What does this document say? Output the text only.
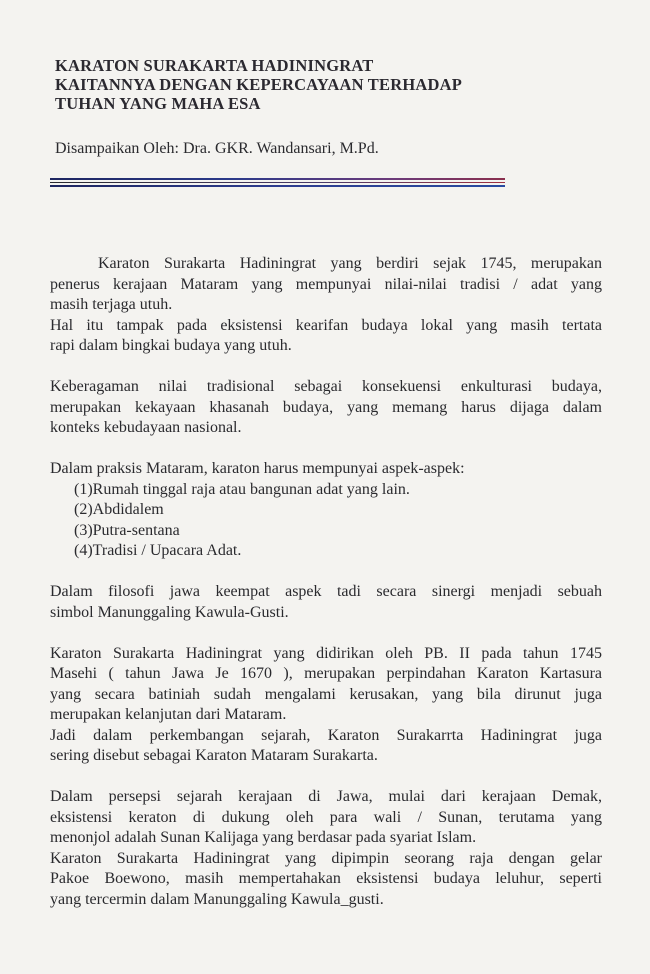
KARATON SURAKARTA HADININGRAT
KAITANNYA DENGAN KEPERCAYAAN TERHADAP
TUHAN YANG MAHA ESA
Disampaikan Oleh: Dra. GKR. Wandansari, M.Pd.

Karaton Surakarta Hadiningrat yang berdiri sejak 1745, merupakan
penerus kerajaan Mataram yang mempunyai nilai-nilai tradisi / adat yang
masih terjaga utuh.
Hal itu tampak pada eksistensi kearifan budaya lokal yang masih tertata
rapi dalam bingkai budaya yang utuh.

Keberagaman nilai tradisional sebagai konsekuensi enkulturasi budaya,
merupakan kekayaan khasanah budaya, yang memang harus dijaga dalam
konteks kebudayaan nasional.

Dalam praksis Mataram, karaton harus mempunyai aspek-aspek:

(1)Rumah tinggal raja atau bangunan adat yang lain.
(2)Abdidalem
(3)Putra-sentana
(4)Tradisi / Upacara Adat.

Dalam filosofi jawa keempat aspek tadi secara sinergi menjadi sebuah
simbol Manunggaling Kawula-Gusti.

Karaton Surakarta Hadiningrat yang didirikan oleh PB. II pada tahun 1745
Masehi ( tahun Jawa Je 1670 ), merupakan perpindahan Karaton Kartasura
yang secara batiniah sudah mengalami kerusakan, yang bila dirunut juga
merupakan kelanjutan dari Mataram.
Jadi dalam perkembangan sejarah, Karaton Surakarrta Hadiningrat juga
sering disebut sebagai Karaton Mataram Surakarta.

Dalam persepsi sejarah kerajaan di Jawa, mulai dari kerajaan Demak,
eksistensi keraton di dukung oleh para wali / Sunan, terutama yang
menonjol adalah Sunan Kalijaga yang berdasar pada syariat Islam.
Karaton Surakarta Hadiningrat yang dipimpin seorang raja dengan gelar
Pakoe Boewono, masih mempertahakan eksistensi budaya leluhur, seperti
yang tercermin dalam Manunggaling Kawula_gusti.
